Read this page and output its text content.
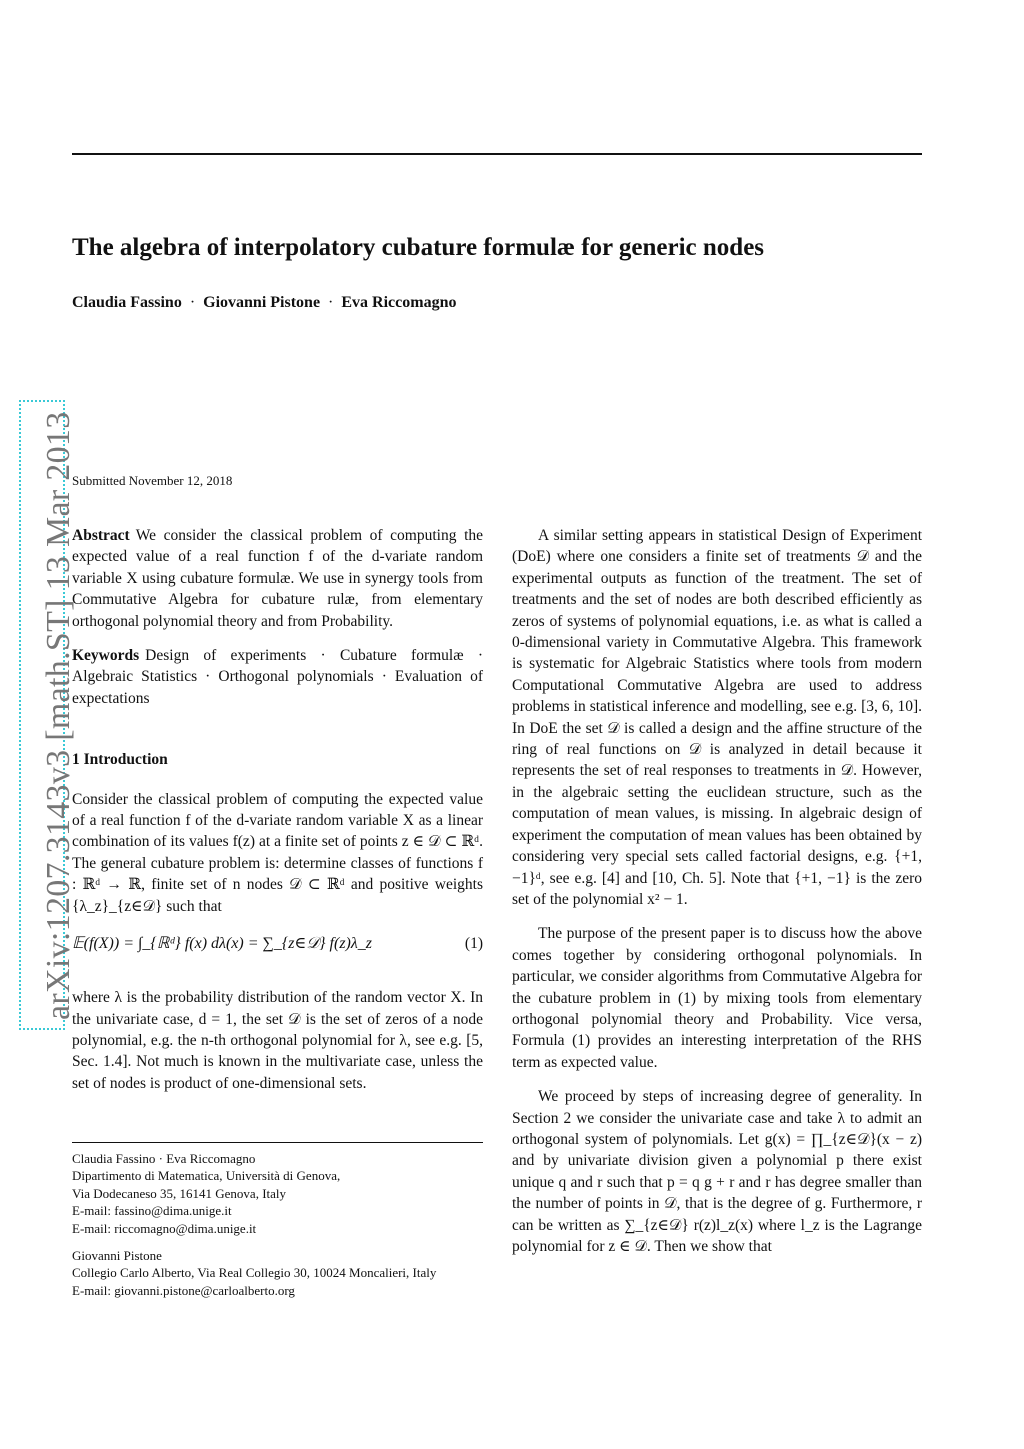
The algebra of interpolatory cubature formulæ for generic nodes
Claudia Fassino · Giovanni Pistone · Eva Riccomagno
arXiv:1207.3143v3 [math.ST] 13 Mar 2013
Submitted November 12, 2018

Abstract We consider the classical problem of computing the expected value of a real function f of the d-variate random variable X using cubature formulæ. We use in synergy tools from Commutative Algebra for cubature rulæ, from elementary orthogonal polynomial theory and from Probability.

Keywords Design of experiments · Cubature formulæ · Algebraic Statistics · Orthogonal polynomials · Evaluation of expectations

1 Introduction

Consider the classical problem of computing the expected value of a real function f of the d-variate random variable X as a linear combination of its values f(z) at a finite set of points z ∈ 𝒟 ⊂ ℝᵈ. The general cubature problem is: determine classes of functions f : ℝᵈ → ℝ, finite set of n nodes 𝒟 ⊂ ℝᵈ and positive weights {λ_z}_{z∈𝒟} such that

𝔼(f(X)) = ∫_{ℝᵈ} f(x) dλ(x) = ∑_{z∈𝒟} f(z)λ_z	(1)

where λ is the probability distribution of the random vector X. In the univariate case, d = 1, the set 𝒟 is the set of zeros of a node polynomial, e.g. the n-th orthogonal polynomial for λ, see e.g. [5, Sec. 1.4]. Not much is known in the multivariate case, unless the set of nodes is product of one-dimensional sets.

Claudia Fassino · Eva Riccomagno

Dipartimento di Matematica, Università di Genova,

Via Dodecaneso 35, 16141 Genova, Italy

E-mail: fassino@dima.unige.it

E-mail: riccomagno@dima.unige.it

Giovanni Pistone

Collegio Carlo Alberto, Via Real Collegio 30, 10024 Moncalieri, Italy

E-mail: giovanni.pistone@carloalberto.org

A similar setting appears in statistical Design of Experiment (DoE) where one considers a finite set of treatments 𝒟 and the experimental outputs as function of the treatment. The set of treatments and the set of nodes are both described efficiently as zeros of systems of polynomial equations, i.e. as what is called a 0-dimensional variety in Commutative Algebra. This framework is systematic for Algebraic Statistics where tools from modern Computational Commutative Algebra are used to address problems in statistical inference and modelling, see e.g. [3, 6, 10]. In DoE the set 𝒟 is called a design and the affine structure of the ring of real functions on 𝒟 is analyzed in detail because it represents the set of real responses to treatments in 𝒟. However, in the algebraic setting the euclidean structure, such as the computation of mean values, is missing. In algebraic design of experiment the computation of mean values has been obtained by considering very special sets called factorial designs, e.g. {+1, −1}ᵈ, see e.g. [4] and [10, Ch. 5]. Note that {+1, −1} is the zero set of the polynomial x² − 1.

The purpose of the present paper is to discuss how the above comes together by considering orthogonal polynomials. In particular, we consider algorithms from Commutative Algebra for the cubature problem in (1) by mixing tools from elementary orthogonal polynomial theory and Probability. Vice versa, Formula (1) provides an interesting interpretation of the RHS term as expected value.

We proceed by steps of increasing degree of generality. In Section 2 we consider the univariate case and take λ to admit an orthogonal system of polynomials. Let g(x) = ∏_{z∈𝒟}(x − z) and by univariate division given a polynomial p there exist unique q and r such that p = q g + r and r has degree smaller than the number of points in 𝒟, that is the degree of g. Furthermore, r can be written as ∑_{z∈𝒟} r(z)l_z(x) where l_z is the Lagrange polynomial for z ∈ 𝒟. Then we show that
